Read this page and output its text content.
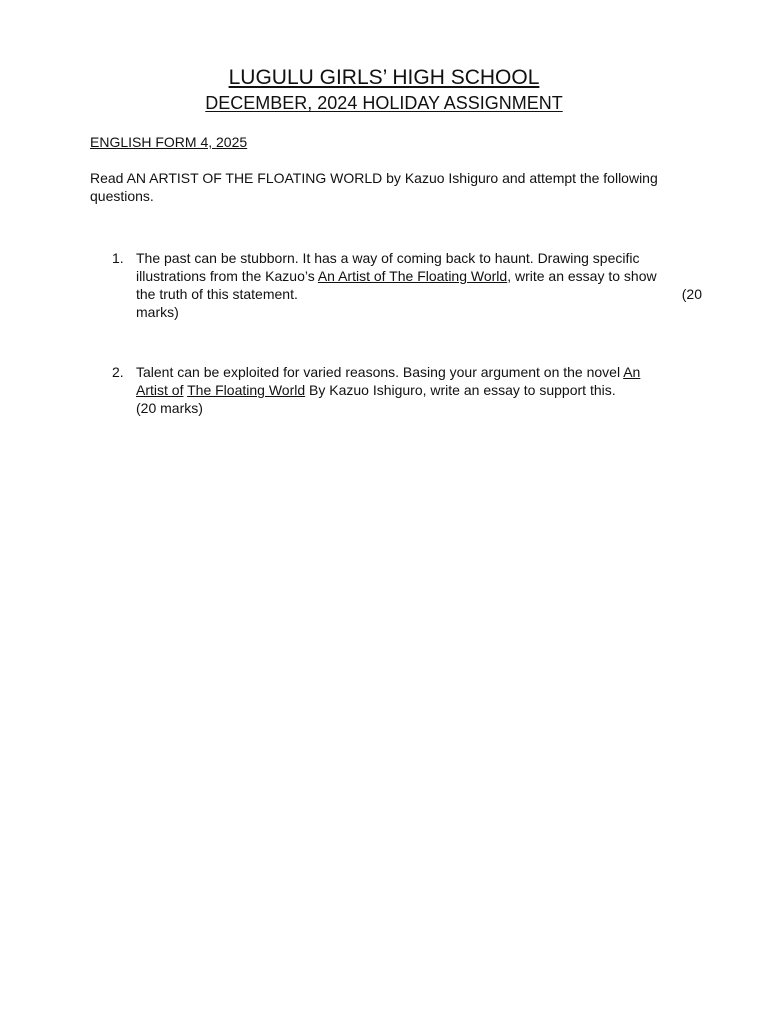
LUGULU GIRLS’ HIGH SCHOOL
DECEMBER, 2024 HOLIDAY ASSIGNMENT

ENGLISH FORM 4, 2025

Read AN ARTIST OF THE FLOATING WORLD by Kazuo Ishiguro and attempt the following questions.

1. The past can be stubborn. It has a way of coming back to haunt. Drawing specific
illustrations from the Kazuo’s An Artist of The Floating World, write an essay to show
the truth of this statement.	(20
marks)
2. Talent can be exploited for varied reasons. Basing your argument on the novel An
Artist of The Floating World By Kazuo Ishiguro, write an essay to support this.
(20 marks)
